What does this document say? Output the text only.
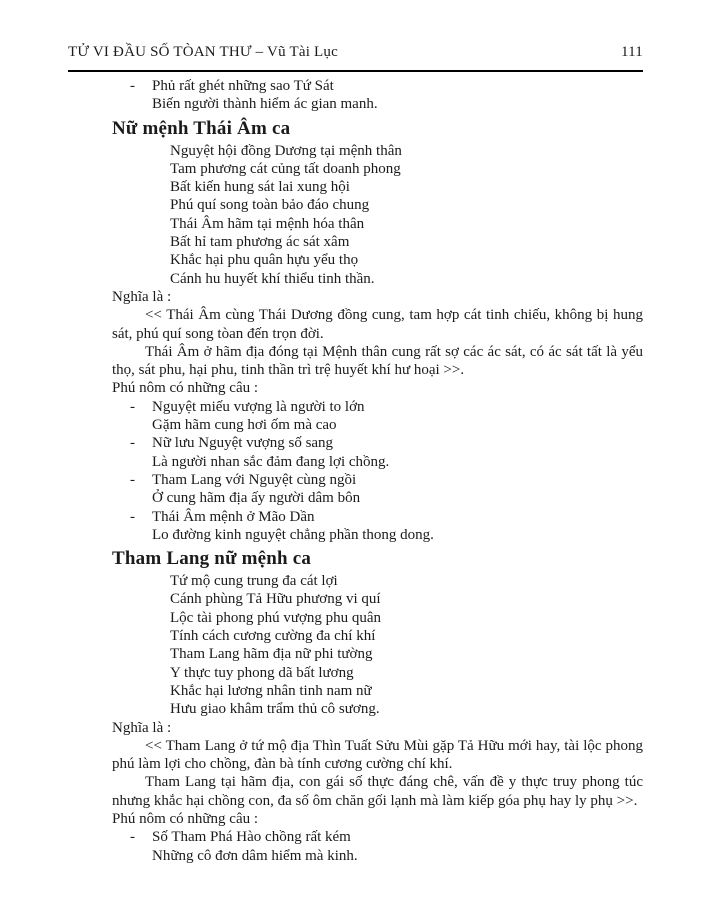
TỬ VI ĐẦU SỐ TÒAN THƯ – Vũ Tài Lục	111
- Phủ rất ghét những sao Tứ Sát
Biến người thành hiểm ác gian manh.
Nữ mệnh Thái Âm ca
Nguyệt hội đồng Dương tại mệnh thân
Tam phương cát củng tất doanh phong
Bất kiến hung sát lai xung hội
Phú quí song toàn bảo đáo chung
Thái Âm hãm tại mệnh hóa thân
Bất hỉ tam phương ác sát xâm
Khắc hại phu quân hựu yểu thọ
Cánh hu huyết khí thiểu tinh thần.
Nghĩa là :

<< Thái Âm cùng Thái Dương đồng cung, tam hợp cát tinh chiếu, không bị hung sát, phú quí song tòan đến trọn đời.

Thái Âm ở hãm địa đóng tại Mệnh thân cung rất sợ các ác sát, có ác sát tất là yểu thọ, sát phu, hại phu, tinh thần trì trệ huyết khí hư hoại >>.

Phú nôm có những câu :
- Nguyệt miếu vượng là người to lớn
Gặm hãm cung hơi ốm mà cao
- Nữ lưu Nguyệt vượng số sang
Là người nhan sắc đảm đang lợi chồng.
- Tham Lang với Nguyệt cùng ngồi
Ở cung hãm địa ấy người dâm bôn
- Thái Âm mệnh ở Mão Dần
Lo đường kinh nguyệt chẳng phần thong dong.
Tham Lang nữ mệnh ca
Tứ mộ cung trung đa cát lợi
Cánh phùng Tả Hữu phương vi quí
Lộc tài phong phú vượng phu quân
Tính cách cương cường đa chí khí
Tham Lang hãm địa nữ phi tường
Y thực tuy phong dã bất lương
Khắc hại lương nhân tinh nam nữ
Hưu giao khâm trẩm thủ cô sương.
Nghĩa là :

<< Tham Lang ở tứ mộ địa Thìn Tuất Sửu Mùi gặp Tả Hữu mới hay, tài lộc phong phú làm lợi cho chồng, đàn bà tính cương cường chí khí.

Tham Lang tại hãm địa, con gái số thực đáng chê, vấn đề y thực truy phong túc nhưng khắc hại chồng con, đa số ôm chăn gối lạnh mà làm kiếp góa phụ hay ly phụ >>.

Phú nôm có những câu :
- Số Tham Phá Hào chồng rất kém
Những cô đơn dâm hiểm mà kinh.
